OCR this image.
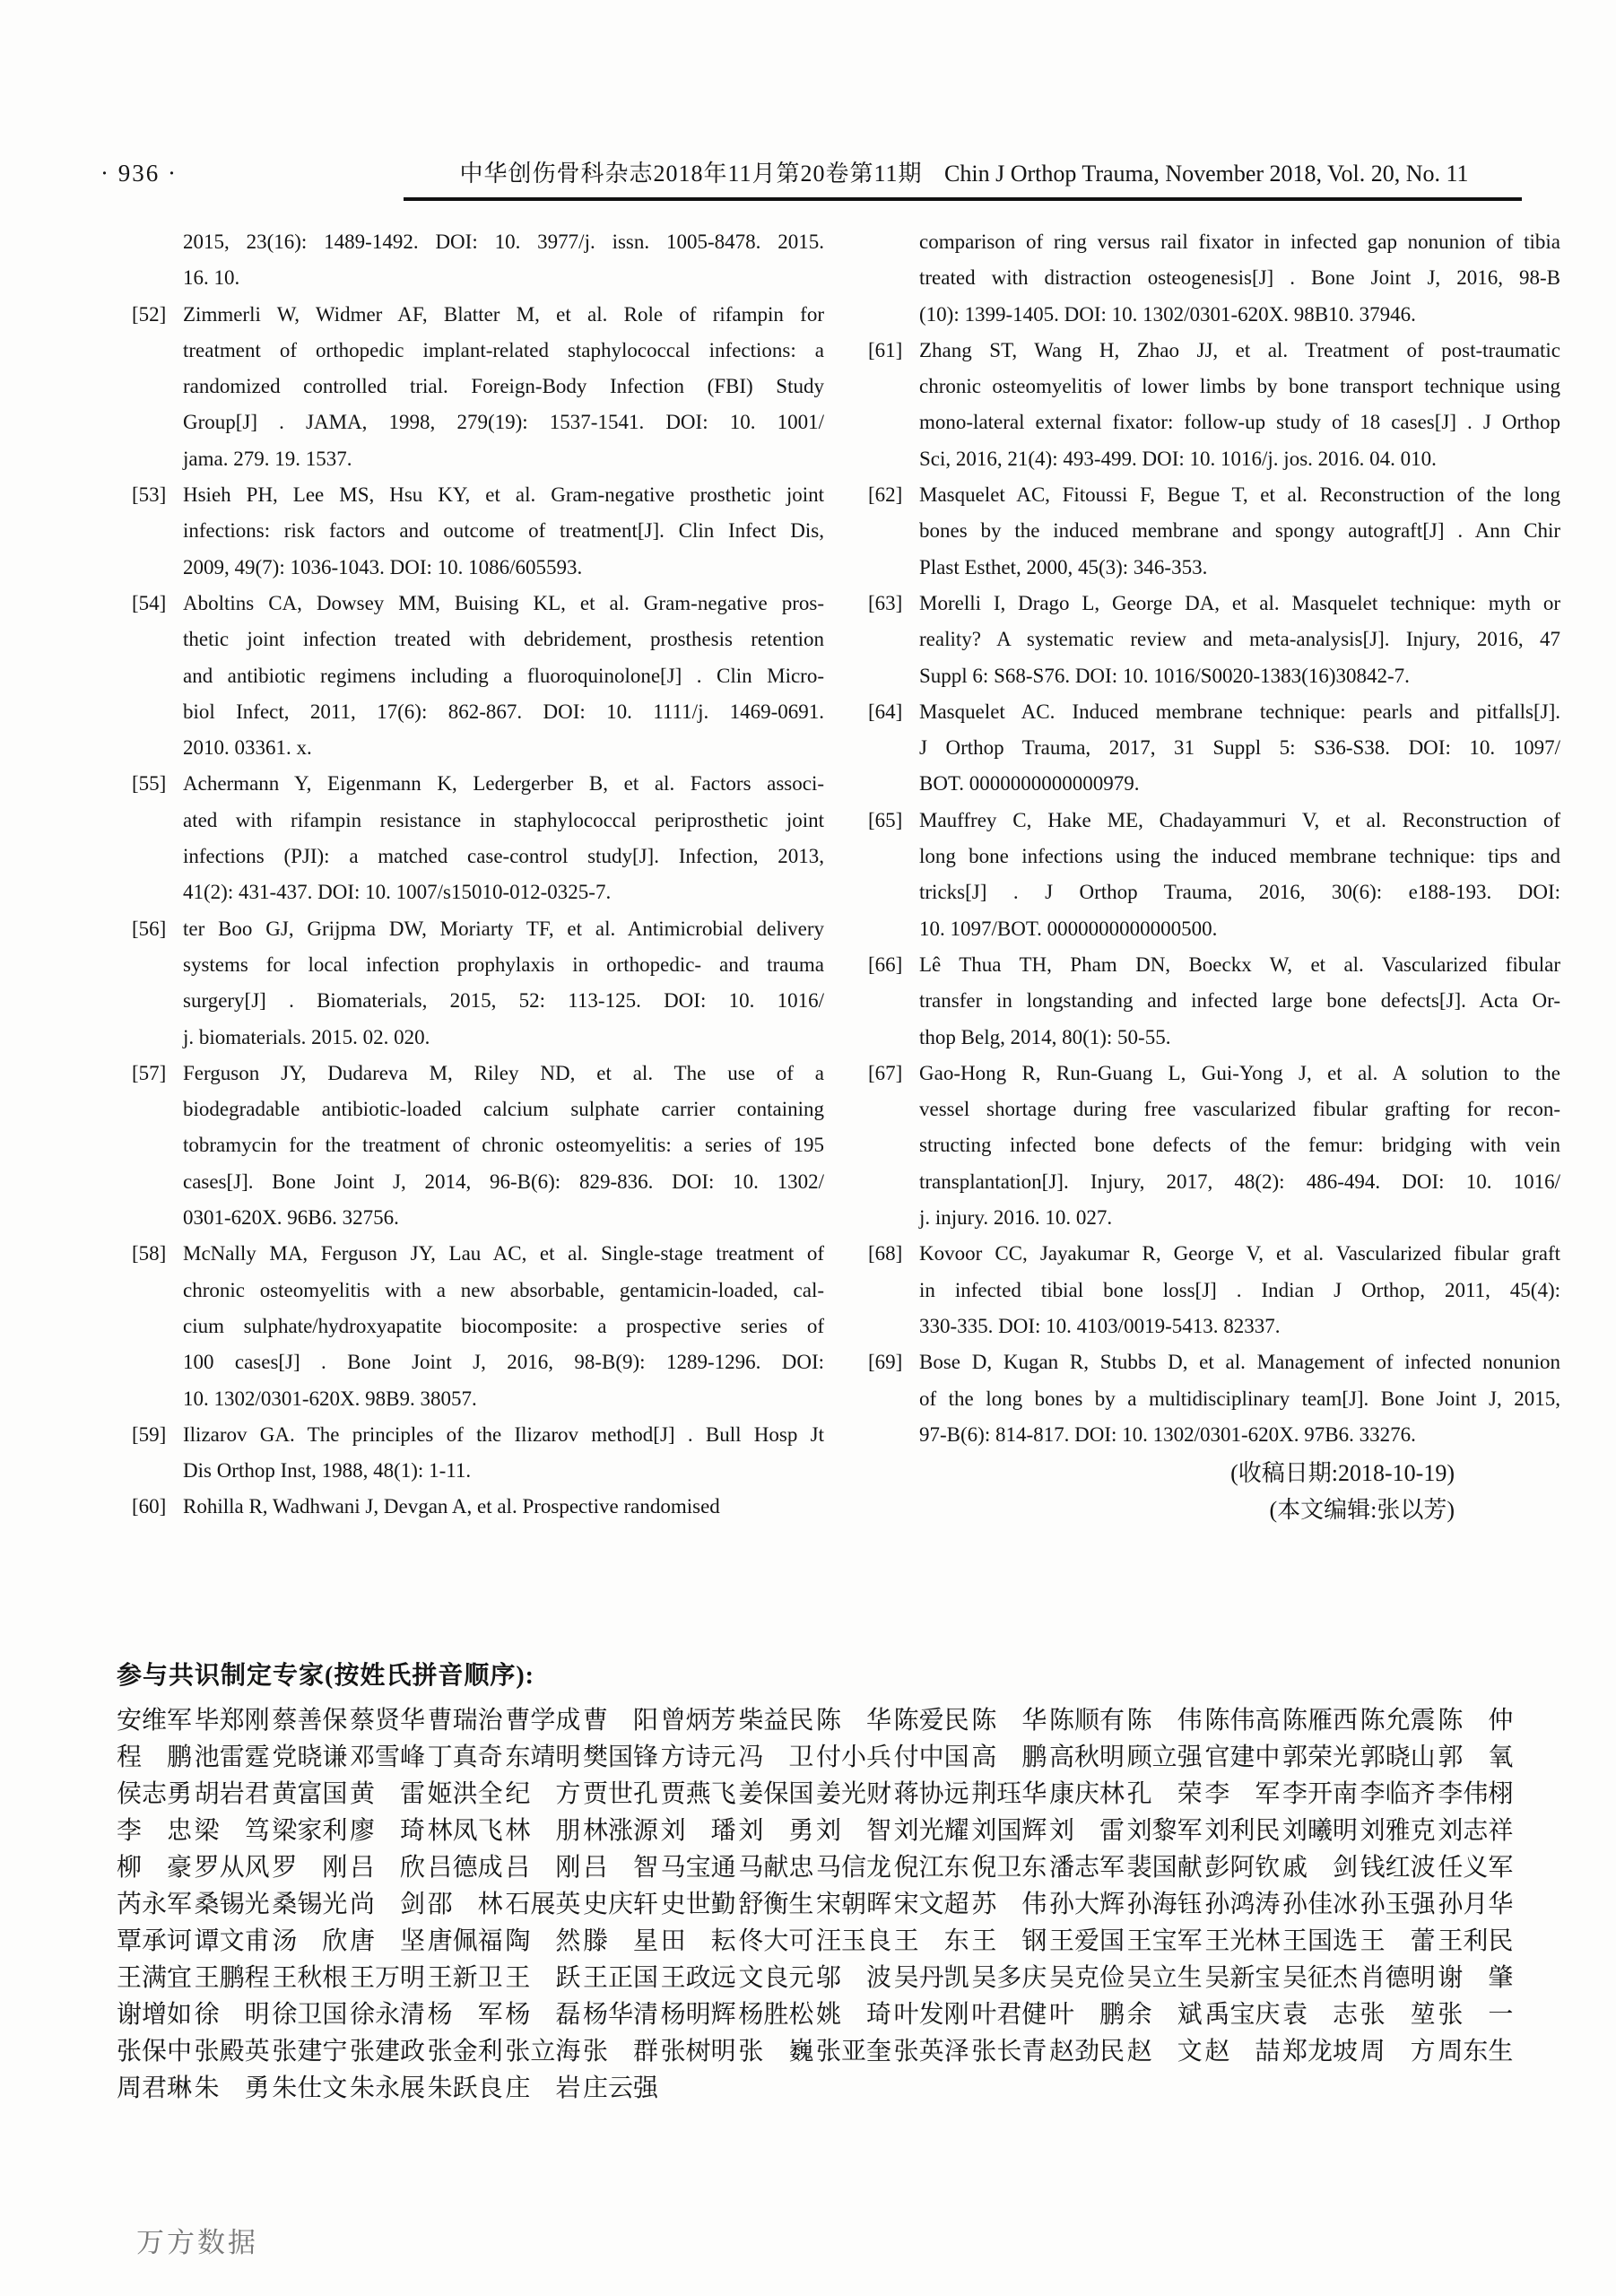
· 936 ·	中华创伤骨科杂志2018年11月第20卷第11期 Chin J Orthop Trauma, November 2018, Vol. 20, No. 11
2015, 23(16): 1489-1492. DOI: 10. 3977/j. issn. 1005-8478. 2015.
16. 10.
[52] Zimmerli W, Widmer AF, Blatter M, et al. Role of rifampin for
treatment of orthopedic implant-related staphylococcal infections: a
randomized controlled trial. Foreign-Body Infection (FBI) Study
Group[J] . JAMA, 1998, 279(19): 1537-1541. DOI: 10. 1001/
jama. 279. 19. 1537.
[53] Hsieh PH, Lee MS, Hsu KY, et al. Gram-negative prosthetic joint
infections: risk factors and outcome of treatment[J]. Clin Infect Dis,
2009, 49(7): 1036-1043. DOI: 10. 1086/605593.
[54] Aboltins CA, Dowsey MM, Buising KL, et al. Gram-negative pros-
thetic joint infection treated with debridement, prosthesis retention
and antibiotic regimens including a fluoroquinolone[J] . Clin Micro-
biol Infect, 2011, 17(6): 862-867. DOI: 10. 1111/j. 1469-0691.
2010. 03361. x.
[55] Achermann Y, Eigenmann K, Ledergerber B, et al. Factors associ-
ated with rifampin resistance in staphylococcal periprosthetic joint
infections (PJI): a matched case-control study[J]. Infection, 2013,
41(2): 431-437. DOI: 10. 1007/s15010-012-0325-7.
[56] ter Boo GJ, Grijpma DW, Moriarty TF, et al. Antimicrobial delivery
systems for local infection prophylaxis in orthopedic- and trauma
surgery[J] . Biomaterials, 2015, 52: 113-125. DOI: 10. 1016/
j. biomaterials. 2015. 02. 020.
[57] Ferguson JY, Dudareva M, Riley ND, et al. The use of a
biodegradable antibiotic-loaded calcium sulphate carrier containing
tobramycin for the treatment of chronic osteomyelitis: a series of 195
cases[J]. Bone Joint J, 2014, 96-B(6): 829-836. DOI: 10. 1302/
0301-620X. 96B6. 32756.
[58] McNally MA, Ferguson JY, Lau AC, et al. Single-stage treatment of
chronic osteomyelitis with a new absorbable, gentamicin-loaded, cal-
cium sulphate/hydroxyapatite biocomposite: a prospective series of
100 cases[J] . Bone Joint J, 2016, 98-B(9): 1289-1296. DOI:
10. 1302/0301-620X. 98B9. 38057.
[59] Ilizarov GA. The principles of the Ilizarov method[J] . Bull Hosp Jt
Dis Orthop Inst, 1988, 48(1): 1-11.
[60] Rohilla R, Wadhwani J, Devgan A, et al. Prospective randomised
comparison of ring versus rail fixator in infected gap nonunion of tibia
treated with distraction osteogenesis[J] . Bone Joint J, 2016, 98-B
(10): 1399-1405. DOI: 10. 1302/0301-620X. 98B10. 37946.
[61] Zhang ST, Wang H, Zhao JJ, et al. Treatment of post-traumatic
chronic osteomyelitis of lower limbs by bone transport technique using
mono-lateral external fixator: follow-up study of 18 cases[J] . J Orthop
Sci, 2016, 21(4): 493-499. DOI: 10. 1016/j. jos. 2016. 04. 010.
[62] Masquelet AC, Fitoussi F, Begue T, et al. Reconstruction of the long
bones by the induced membrane and spongy autograft[J] . Ann Chir
Plast Esthet, 2000, 45(3): 346-353.
[63] Morelli I, Drago L, George DA, et al. Masquelet technique: myth or
reality? A systematic review and meta-analysis[J]. Injury, 2016, 47
Suppl 6: S68-S76. DOI: 10. 1016/S0020-1383(16)30842-7.
[64] Masquelet AC. Induced membrane technique: pearls and pitfalls[J].
J Orthop Trauma, 2017, 31 Suppl 5: S36-S38. DOI: 10. 1097/
BOT. 0000000000000979.
[65] Mauffrey C, Hake ME, Chadayammuri V, et al. Reconstruction of
long bone infections using the induced membrane technique: tips and
tricks[J] . J Orthop Trauma, 2016, 30(6): e188-193. DOI:
10. 1097/BOT. 0000000000000500.
[66] Lê Thua TH, Pham DN, Boeckx W, et al. Vascularized fibular
transfer in longstanding and infected large bone defects[J]. Acta Or-
thop Belg, 2014, 80(1): 50-55.
[67] Gao-Hong R, Run-Guang L, Gui-Yong J, et al. A solution to the
vessel shortage during free vascularized fibular grafting for recon-
structing infected bone defects of the femur: bridging with vein
transplantation[J]. Injury, 2017, 48(2): 486-494. DOI: 10. 1016/
j. injury. 2016. 10. 027.
[68] Kovoor CC, Jayakumar R, George V, et al. Vascularized fibular graft
in infected tibial bone loss[J] . Indian J Orthop, 2011, 45(4):
330-335. DOI: 10. 4103/0019-5413. 82337.
[69] Bose D, Kugan R, Stubbs D, et al. Management of infected nonunion
of the long bones by a multidisciplinary team[J]. Bone Joint J, 2015,
97-B(6): 814-817. DOI: 10. 1302/0301-620X. 97B6. 33276.
(收稿日期:2018-10-19)
(本文编辑:张以芳)
参与共识制定专家(按姓氏拼音顺序):
安维军 毕郑刚 蔡善保 蔡贤华 曹瑞治 曹学成 曹　阳 曾炳芳 柴益民 陈　华 陈爱民 陈　华 陈顺有 陈　伟 陈伟高 陈雁西 陈允震 陈　仲
程　鹏 池雷霆 党晓谦 邓雪峰 丁真奇 东靖明 樊国锋 方诗元 冯　卫 付小兵 付中国 高　鹏 高秋明 顾立强 官建中 郭荣光 郭晓山 郭　氧
侯志勇 胡岩君 黄富国 黄　雷 姬洪全 纪　方 贾世孔 贾燕飞 姜保国 姜光财 蒋协远 荆珏华 康庆林 孔　荣 李　军 李开南 李临齐 李伟栩
李　忠 梁　笃 梁家利 廖　琦 林凤飞 林　朋 林涨源 刘　璠 刘　勇 刘　智 刘光耀 刘国辉 刘　雷 刘黎军 刘利民 刘曦明 刘雅克 刘志祥
柳　豪 罗从风 罗　刚 吕　欣 吕德成 吕　刚 吕　智 马宝通 马献忠 马信龙 倪江东 倪卫东 潘志军 裴国献 彭阿钦 戚　剑 钱红波 任义军
芮永军 桑锡光 桑锡光 尚　剑 邵　林 石展英 史庆轩 史世勤 舒衡生 宋朝晖 宋文超 苏　伟 孙大辉 孙海钰 孙鸿涛 孙佳冰 孙玉强 孙月华
覃承诃 谭文甫 汤　欣 唐　坚 唐佩福 陶　然 滕　星 田　耘 佟大可 汪玉良 王　东 王　钢 王爱国 王宝军 王光林 王国选 王　蕾 王利民
王满宜 王鹏程 王秋根 王万明 王新卫 王　跃 王正国 王政远 文良元 邬　波 吴丹凯 吴多庆 吴克俭 吴立生 吴新宝 吴征杰 肖德明 谢　肇
谢增如 徐　明 徐卫国 徐永清 杨　军 杨　磊 杨华清 杨明辉 杨胜松 姚　琦 叶发刚 叶君健 叶　鹏 余　斌 禹宝庆 袁　志 张　堃 张　一
张保中 张殿英 张建宁 张建政 张金利 张立海 张　群 张树明 张　巍 张亚奎 张英泽 张长青 赵劲民 赵　文 赵　喆 郑龙坡 周　方 周东生
周君琳 朱　勇 朱仕文 朱永展 朱跃良 庄　岩 庄云强
万方数据
